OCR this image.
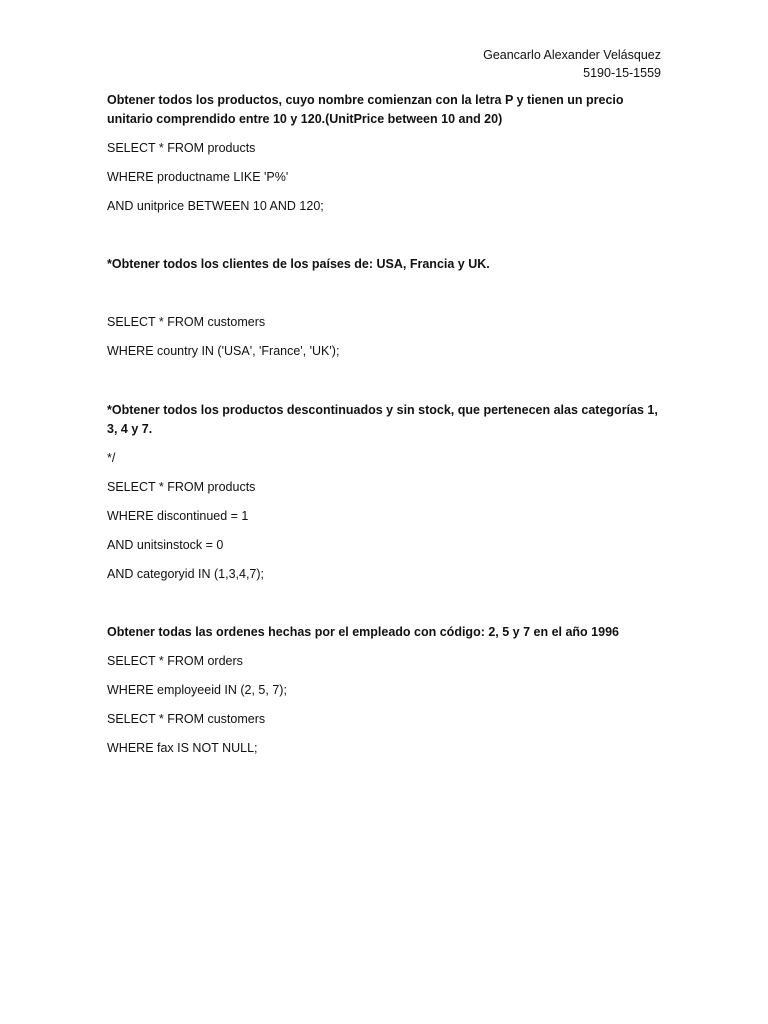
Geancarlo Alexander Velásquez
5190-15-1559
Obtener todos los productos, cuyo nombre comienzan con la letra P y tienen un precio unitario comprendido entre 10 y 120.(UnitPrice between 10 and 20)
SELECT * FROM products
WHERE productname LIKE 'P%'
AND unitprice BETWEEN 10 AND 120;
*Obtener todos los clientes de los países de: USA, Francia y UK.
SELECT * FROM customers
WHERE country IN ('USA', 'France', 'UK');
*Obtener todos los productos descontinuados y sin stock, que pertenecen alas categorías 1, 3, 4 y 7.
*/
SELECT * FROM products
WHERE discontinued = 1
AND unitsinstock = 0
AND categoryid IN (1,3,4,7);
Obtener todas las ordenes hechas por el empleado con código: 2, 5 y 7 en el año 1996
SELECT * FROM orders
WHERE employeeid IN (2, 5, 7);
SELECT * FROM customers
WHERE fax IS NOT NULL;
